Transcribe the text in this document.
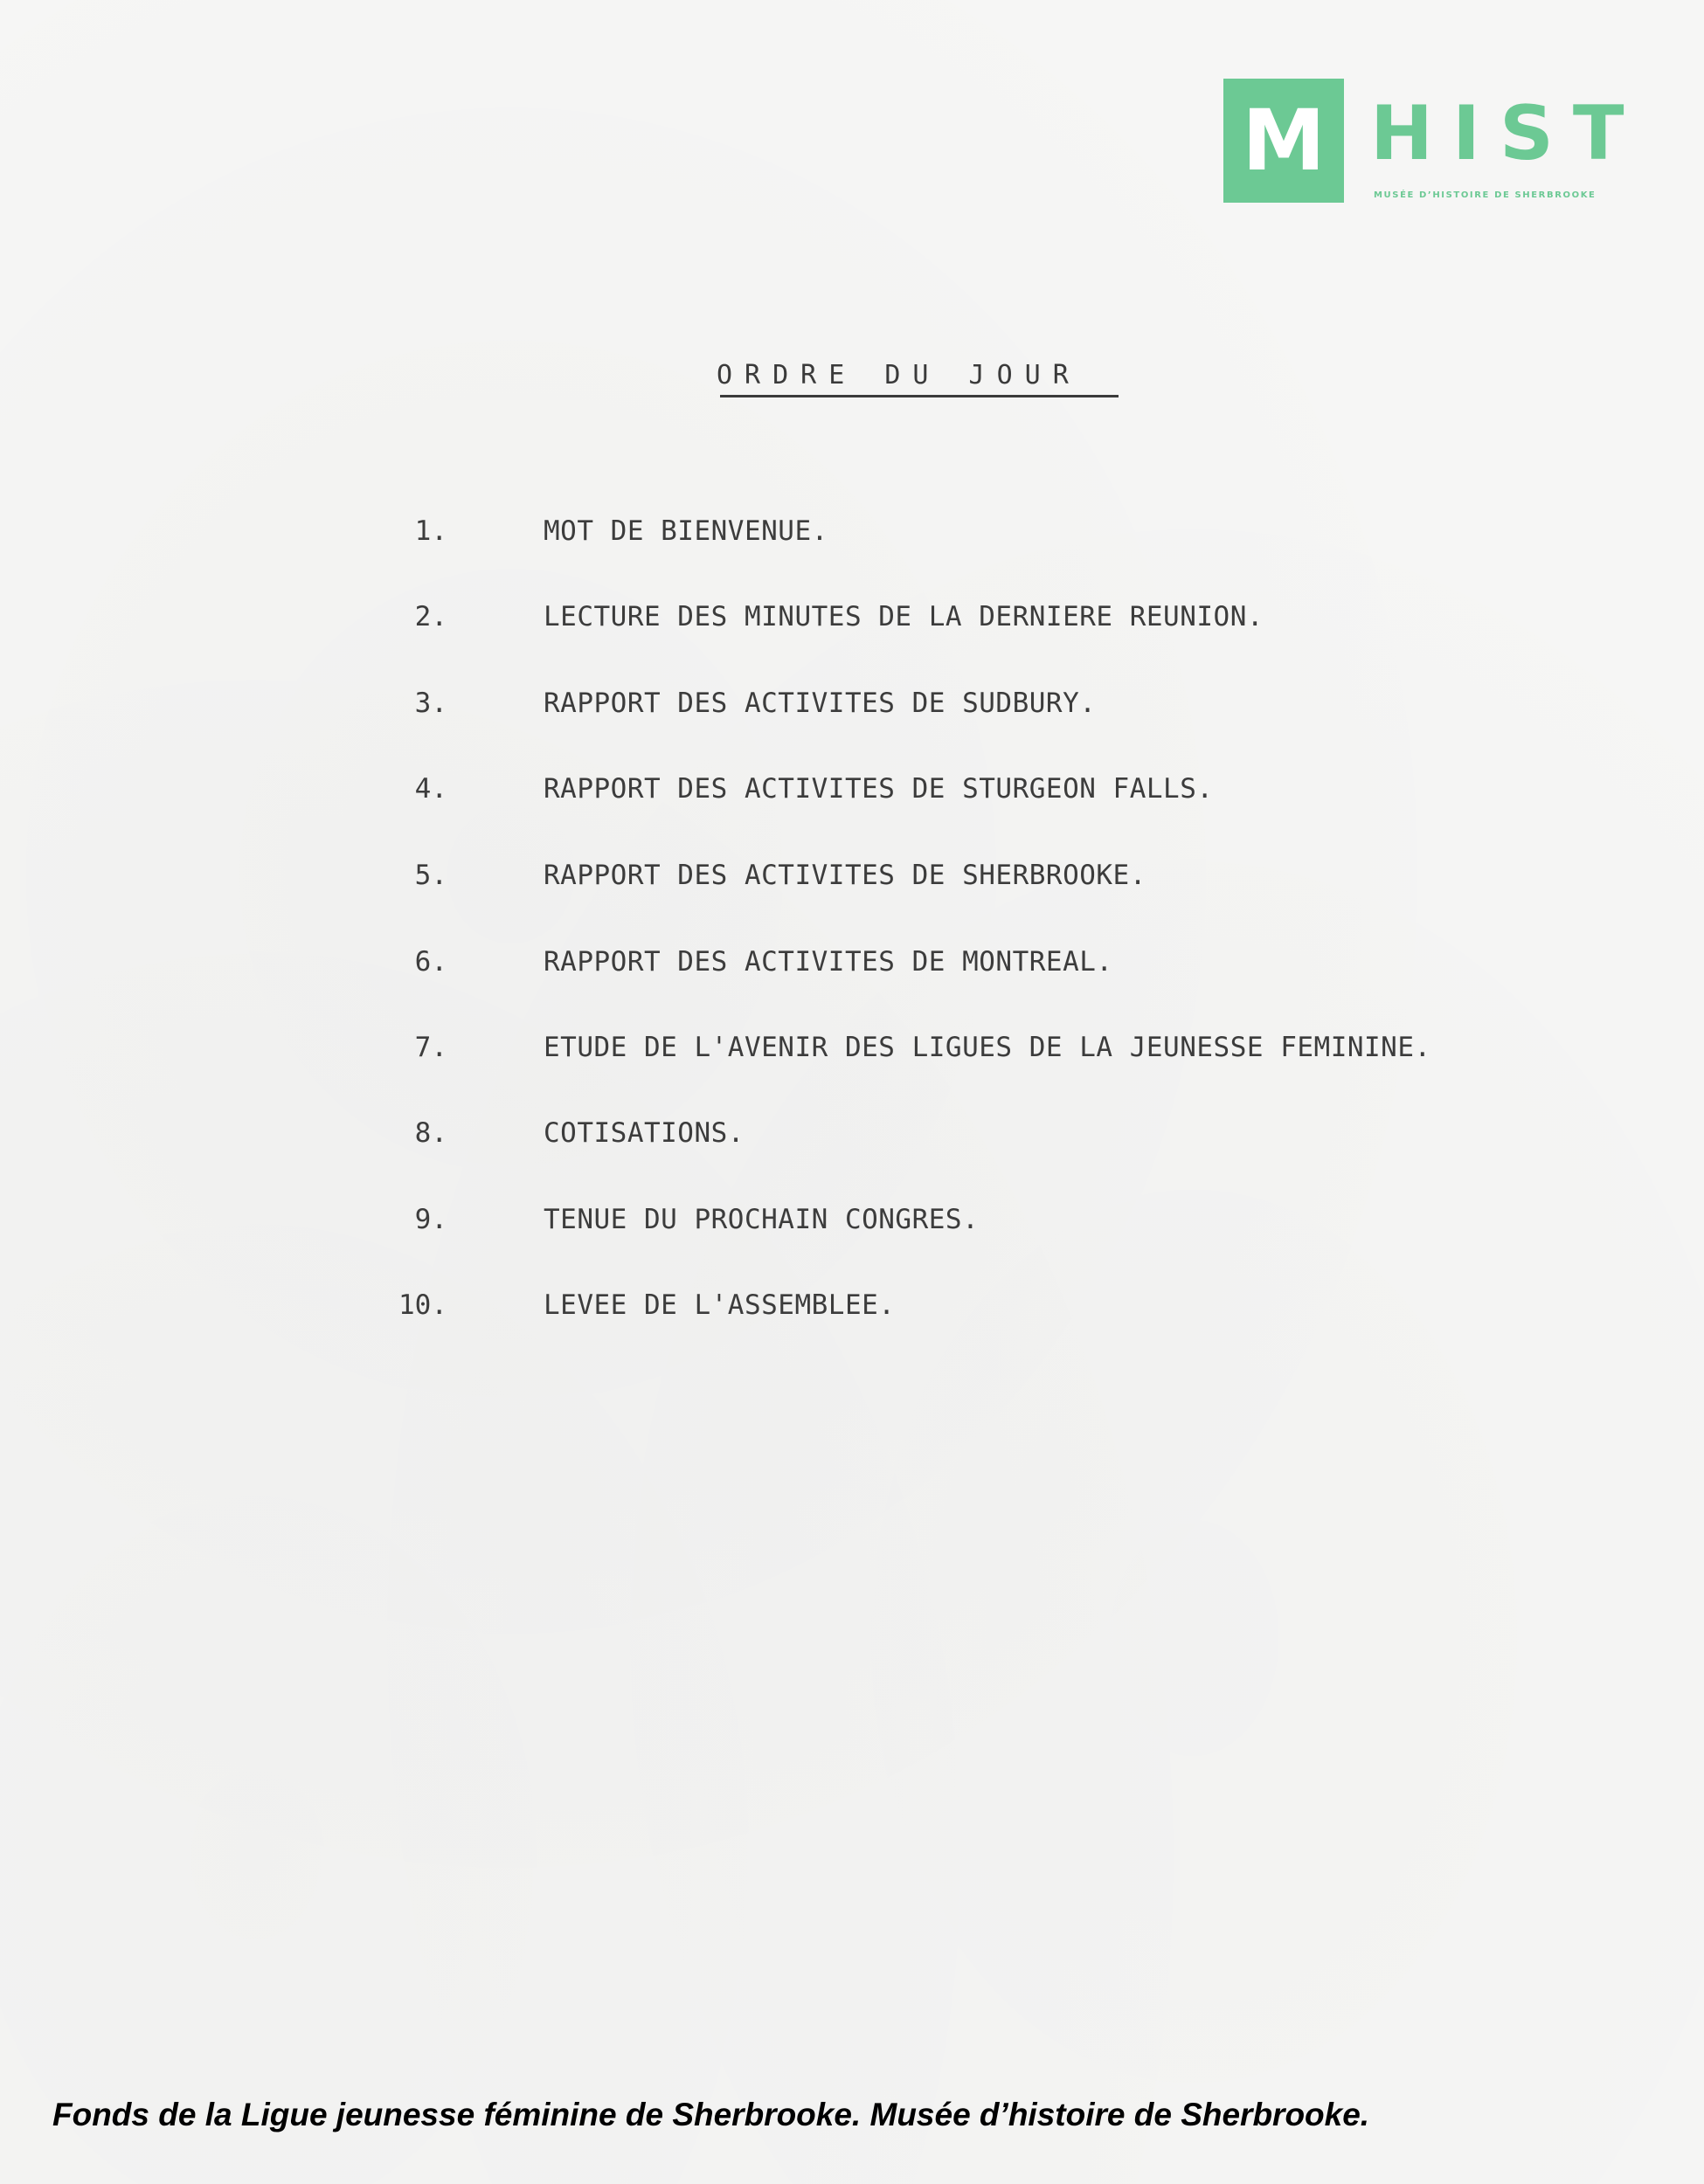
M HIST
MUSÉE D’HISTOIRE DE SHERBROOKE
ORDRE DU JOUR
1.	MOT DE BIENVENUE.
2.	LECTURE DES MINUTES DE LA DERNIERE REUNION.
3.	RAPPORT DES ACTIVITES DE SUDBURY.
4.	RAPPORT DES ACTIVITES DE STURGEON FALLS.
5.	RAPPORT DES ACTIVITES DE SHERBROOKE.
6.	RAPPORT DES ACTIVITES DE MONTREAL.
7.	ETUDE DE L'AVENIR DES LIGUES DE LA JEUNESSE FEMININE.
8.	COTISATIONS.
9.	TENUE DU PROCHAIN CONGRES.
10.	LEVEE DE L'ASSEMBLEE.
Fonds de la Ligue jeunesse féminine de Sherbrooke. Musée d’histoire de Sherbrooke.
